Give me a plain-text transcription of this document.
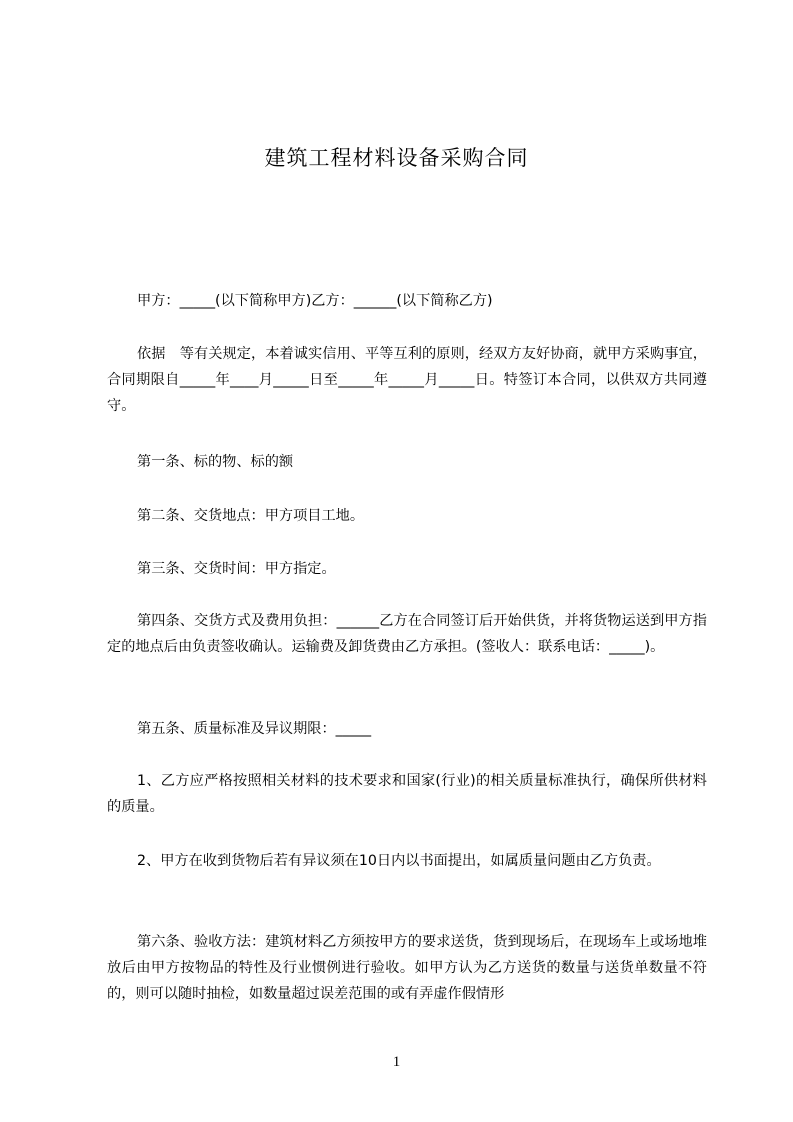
建筑工程材料设备采购合同

甲方：_____(以下简称甲方)乙方：______(以下简称乙方)

依据　等有关规定，本着诚实信用、平等互利的原则，经双方友好协商，就甲方采购事宜，合同期限自_____年____月_____日至_____年_____月_____日。特签订本合同，以供双方共同遵守。

第一条、标的物、标的额

第二条、交货地点：甲方项目工地。

第三条、交货时间：甲方指定。

第四条、交货方式及费用负担：______乙方在合同签订后开始供货，并将货物运送到甲方指定的地点后由负责签收确认。运输费及卸货费由乙方承担。(签收人：联系电话：_____)。

第五条、质量标准及异议期限：_____

1、乙方应严格按照相关材料的技术要求和国家(行业)的相关质量标准执行，确保所供材料的质量。

2、甲方在收到货物后若有异议须在10日内以书面提出，如属质量问题由乙方负责。

第六条、验收方法：建筑材料乙方须按甲方的要求送货，货到现场后，在现场车上或场地堆放后由甲方按物品的特性及行业惯例进行验收。如甲方认为乙方送货的数量与送货单数量不符的，则可以随时抽检，如数量超过误差范围的或有弄虚作假情形

1
